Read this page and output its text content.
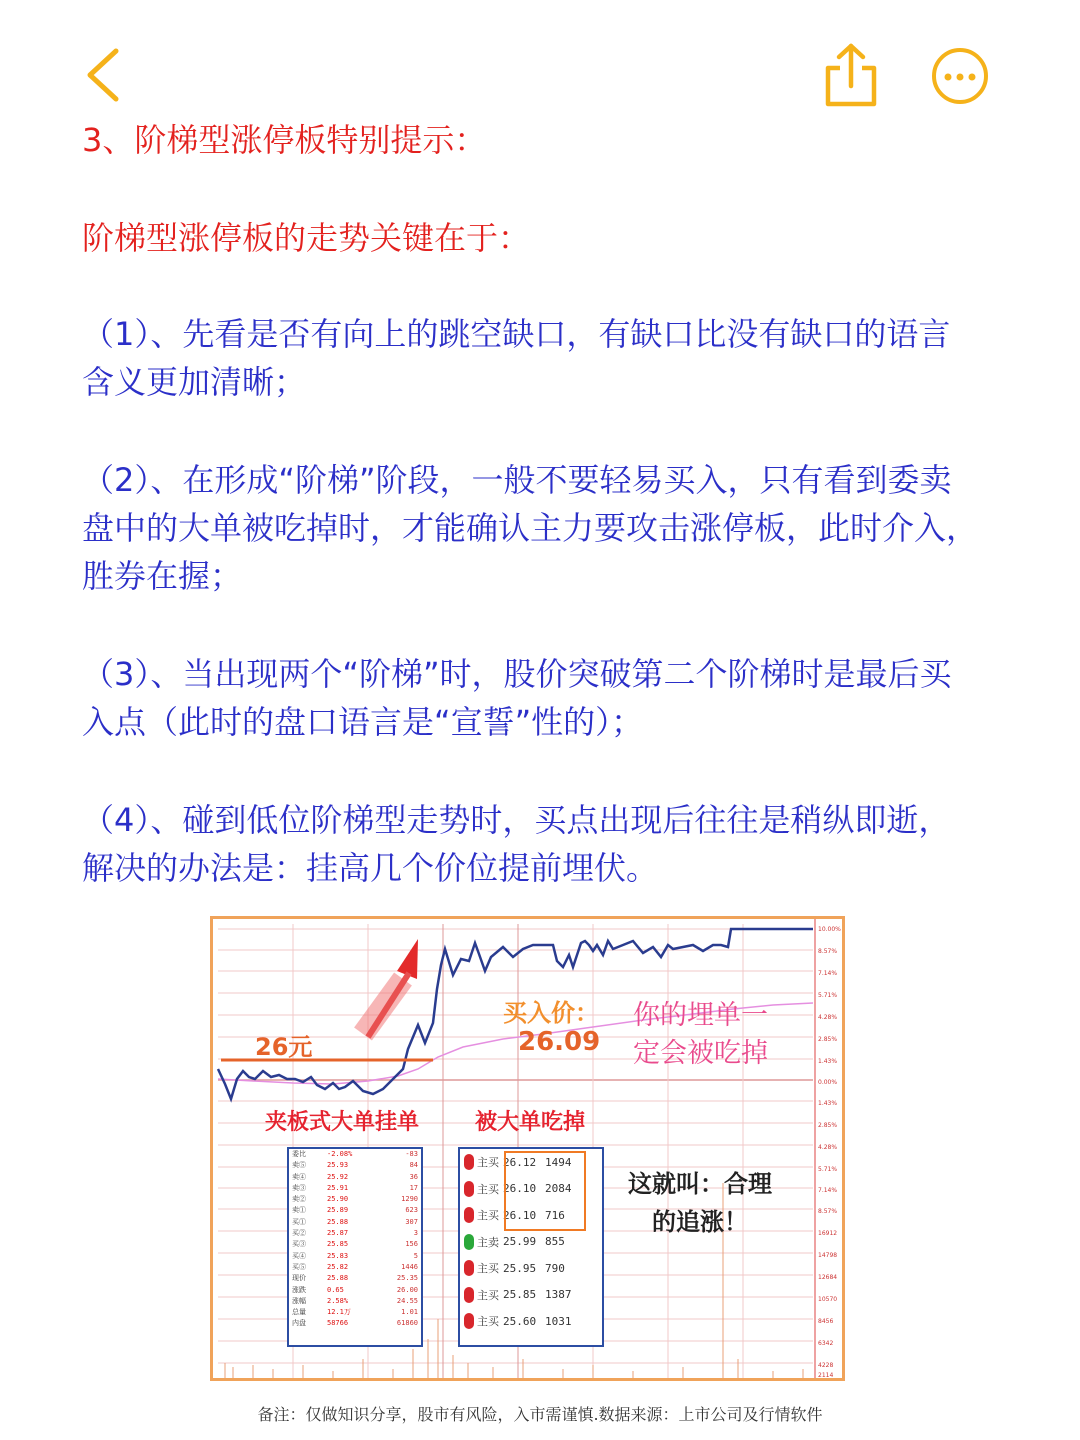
3、阶梯型涨停板特别提示：
阶梯型涨停板的走势关键在于：
（1）、先看是否有向上的跳空缺口，有缺口比没有缺口的语言含义更加清晰；
（2）、在形成“阶梯”阶段，一般不要轻易买入，只有看到委卖盘中的大单被吃掉时，才能确认主力要攻击涨停板，此时介入，胜券在握；
（3）、当出现两个“阶梯”时，股价突破第二个阶梯时是最后买入点（此时的盘口语言是“宣誓”性的）；
（4）、碰到低位阶梯型走势时，买点出现后往往是稍纵即逝，解决的办法是：挂高几个价位提前埋伏。
10.00%
8.57%
7.14%
5.71%
4.28%
2.85%
1.43%
0.00%
1.43%
2.85%
4.28%
5.71%
7.14%
8.57%
16912
14798
12684
10570
8456
6342
4228
2114
26元
买入价：
26.09
你的埋单一
定会被吃掉
夹板式大单挂单	被大单吃掉
这就叫：合理
的追涨！
委比	-2.08%	-83
卖⑤	25.93	84
卖④	25.92	36
卖③	25.91	17
卖②	25.90	1290
卖①	25.89	623
买①	25.88	307
买②	25.87	3
买③	25.85	156
买④	25.83	5
买⑤	25.82	1446
现价	25.88	25.35
涨跌	0.65	26.00
涨幅	2.58%	24.55
总量	12.1万	1.01
内盘	58766	61860
主买 26.12 1494
主买 26.10 2084
主买 26.10 716
主卖 25.99 855
主买 25.95 790
主买 25.85 1387
主买 25.60 1031
备注：仅做知识分享，股市有风险，入市需谨慎.数据来源：上市公司及行情软件
